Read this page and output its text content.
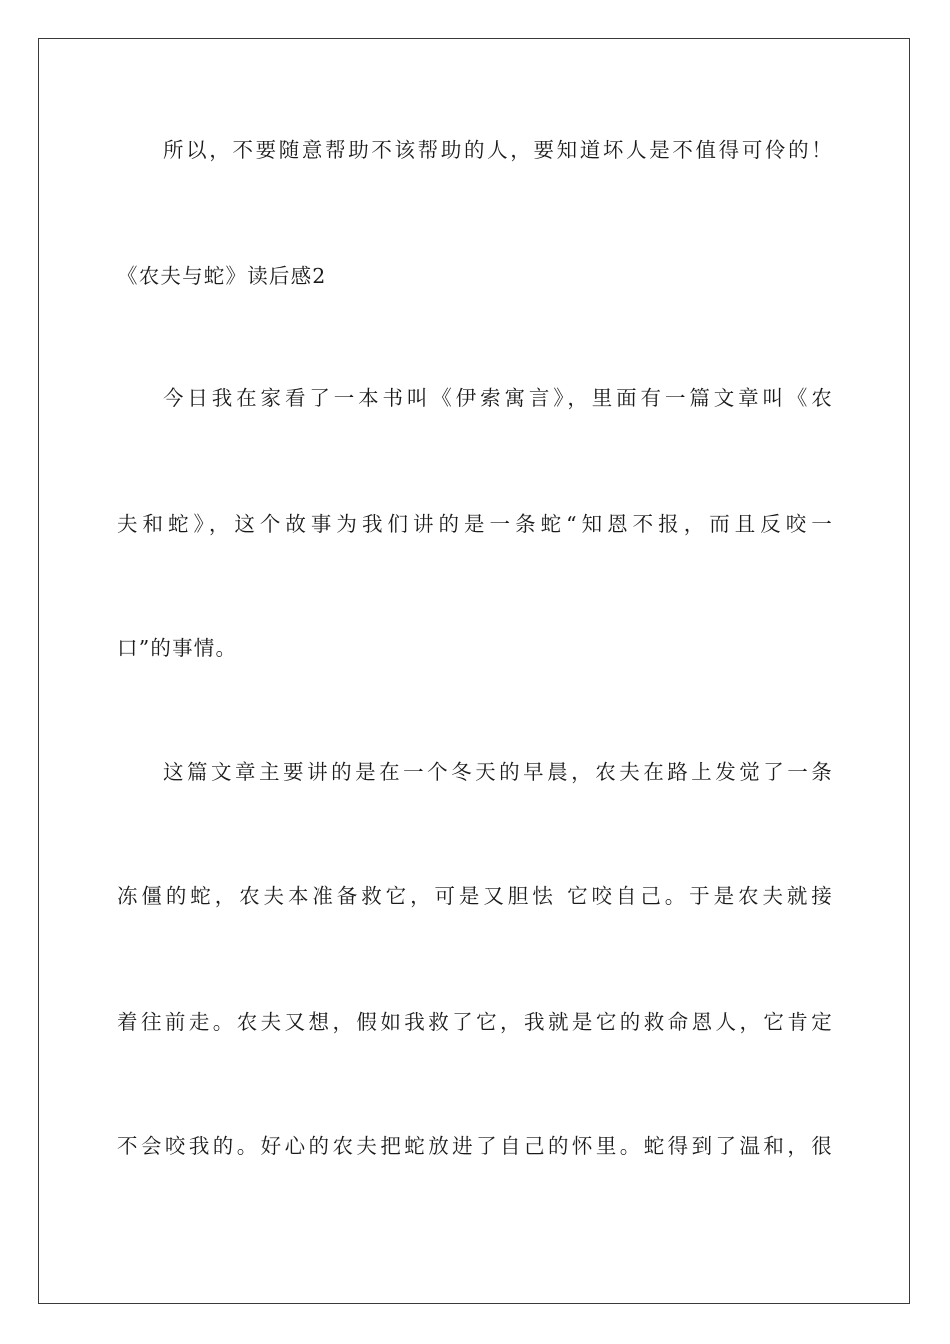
所以，不要随意帮助不该帮助的人，要知道坏人是不值得可伶的！
《农夫与蛇》读后感2
今日我在家看了一本书叫《伊索寓言》，里面有一篇文章叫《农
夫和蛇》，这个故事为我们讲的是一条蛇“知恩不报，而且反咬一
口”的事情。
这篇文章主要讲的是在一个冬天的早晨，农夫在路上发觉了一条
冻僵的蛇，农夫本准备救它，可是又胆怯 它咬自己。于是农夫就接
着往前走。农夫又想，假如我救了它，我就是它的救命恩人，它肯定
不会咬我的。好心的农夫把蛇放进了自己的怀里。蛇得到了温和，很
